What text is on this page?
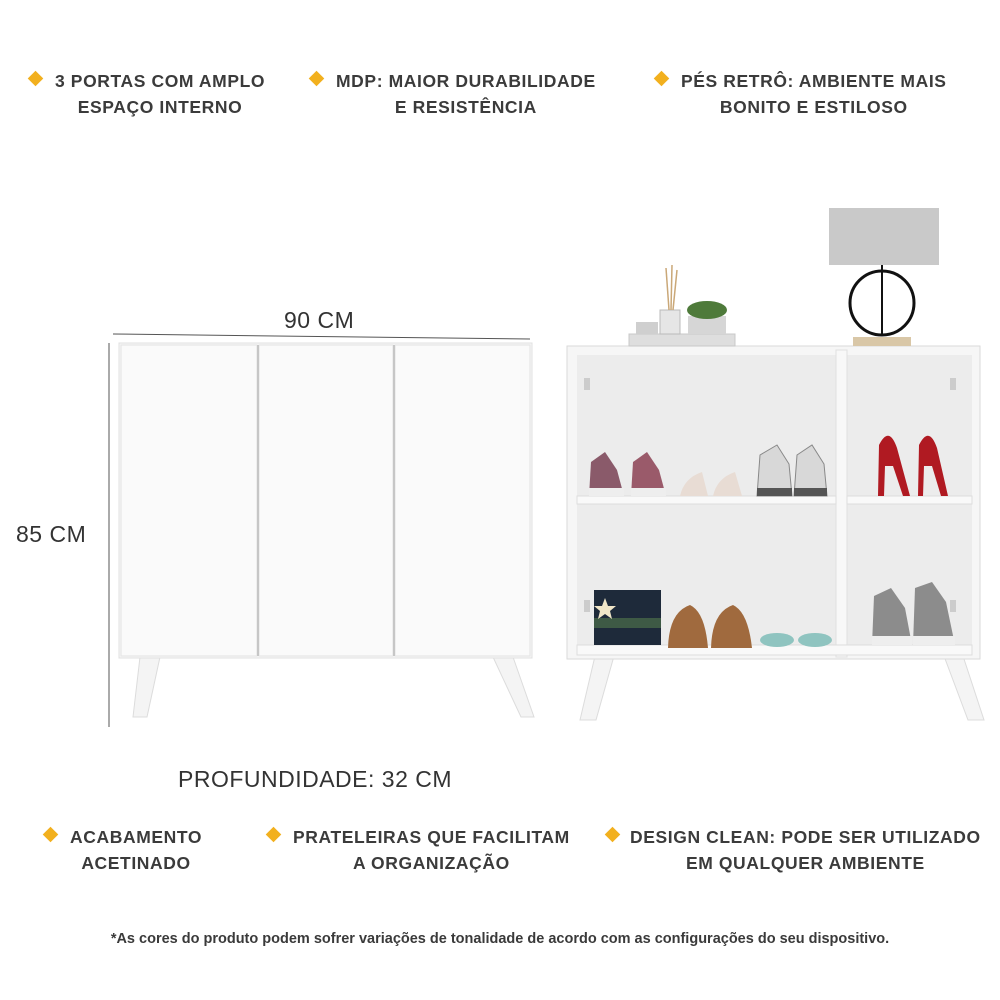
3 PORTAS COM AMPLO
ESPAÇO INTERNO
MDP: MAIOR DURABILIDADE
E RESISTÊNCIA
PÉS RETRÔ: AMBIENTE MAIS
BONITO E ESTILOSO
ACABAMENTO
ACETINADO
PRATELEIRAS QUE FACILITAM
A ORGANIZAÇÃO
DESIGN CLEAN: PODE SER UTILIZADO
EM QUALQUER AMBIENTE
90 CM
85 CM
PROFUNDIDADE: 32 CM
*As cores do produto podem sofrer variações de tonalidade de acordo com as configurações do seu dispositivo.
